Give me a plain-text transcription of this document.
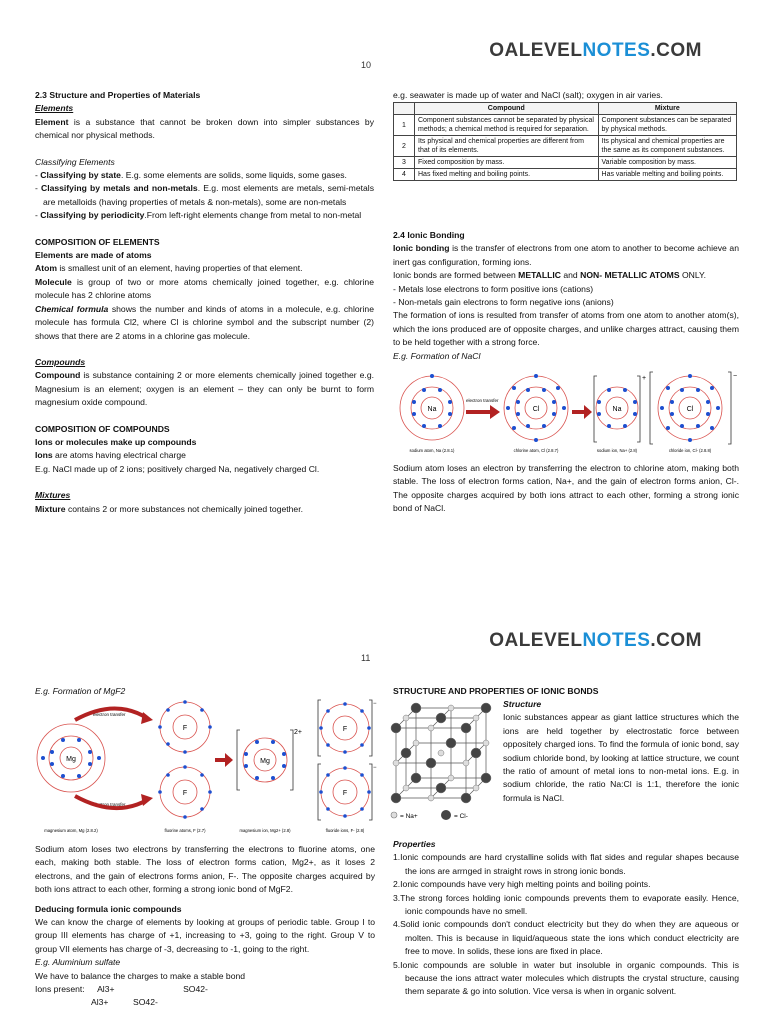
OALEVELNOTES.COM
10

2.3 Structure and Properties of Materials

Elements

Element is a substance that cannot be broken down into simpler substances by chemical nor physical methods.

Classifying Elements

- Classifying by state. E.g. some elements are solids, some liquids, some gases.

- Classifying by metals and non-metals. E.g. most elements are metals, semi-metals are metalloids (having properties of metals & non-metals), some are non-metals

- Classifying by periodicity.From left-right elements change from metal to non-metal

COMPOSITION OF ELEMENTS

Elements are made of atoms

Atom is smallest unit of an element, having properties of that element.

Molecule is group of two or more atoms chemically joined together, e.g. chlorine molecule has 2 chlorine atoms

Chemical formula shows the number and kinds of atoms in a molecule, e.g. chlorine molecule has formula Cl2, where Cl is chlorine symbol and the subscript number (2) shows that there are 2 atoms in a chlorine gas molecule.

Compounds

Compound is substance containing 2 or more elements chemically joined together e.g. Magnesium is an element; oxygen is an element – they can only be burnt to form magnesium oxide compound.

COMPOSITION OF COMPOUNDS

Ions or molecules make up compounds

Ions are atoms having electrical charge

E.g. NaCl made up of 2 ions; positively charged Na, negatively charged Cl.

Mixtures

Mixture contains 2 or more substances not chemically joined together.

e.g. seawater is made up of water and NaCl (salt); oxygen in air varies.

	Compound	Mixture
1	Component substances cannot be separated by physical methods; a chemical method is required for separation.	Component substances can be separated by physical methods.
2	Its physical and chemical properties are different from that of its elements.	Its physical and chemical properties are the same as its component substances.
3	Fixed composition by mass.	Variable composition by mass.
4	Has fixed melting and boiling points.	Has variable melting and boiling points.

2.4 Ionic Bonding

Ionic bonding is the transfer of electrons from one atom to another to become achieve an inert gas configuration, forming ions.

Ionic bonds are formed between METALLIC and NON- METALLIC ATOMS ONLY.

- Metals lose electrons to form positive ions (cations)

- Non-metals gain electrons to form negative ions (anions)

The formation of ions is resulted from transfer of atoms from one atom to another atom(s), which the ions produced are of opposite charges, and unlike charges attract, causing them to be held together with a strong force.

E.g. Formation of NaCl

Na
electron transfer
Cl
+
Na
−
Cl
sodium atom, Na (2.8.1)	chlorine atom, Cl (2.8.7)	sodium ion, Na+ (2.8)	chloride ion, Cl- (2.8.8)

Sodium atom loses an electron by transferring the electron to chlorine atom, making both stable. The loss of electron forms cation, Na+, and the gain of electron forms anion, Cl-. The opposite charges acquired by both ions attract to each other, forming a strong ionic bond of NaCl.

OALEVELNOTES.COM
11

E.g. Formation of MgF2

Mg
electron transfer
electron transfer
F
F
2+
Mg
−
F
−
F
magnesium atom, Mg (2.8.2)	fluorine atoms, F (2.7)	magnesium ion, Mg2+ (2.8)	fluoride ions, F- (2.8)

Sodium atom loses two electrons by transferring the electrons to fluorine atoms, one each, making both stable. The loss of electron forms cation, Mg2+, as it loses 2 electrons, and the gain of electrons forms anion, F-. The opposite charges acquired by both ions attract to each other, forming a strong ionic bond of MgF2.

Deducing formula ionic compounds

We can know the charge of elements by looking at groups of periodic table. Group I to group III elements has charge of +1, increasing to +3, going to the right. Group V to group VII elements has charge of -3, decreasing to -1, going to the right.

E.g. Aluminium sulfate

We have to balance the charges to make a stable bond

Ions present: Al3+	SO42-

Al3+	SO42-

STRUCTURE AND PROPERTIES OF IONIC BONDS

= Na+	= Cl-

Structure

Ionic substances appear as giant lattice structures which the ions are held together by electrostatic force between oppositely charged ions. To find the formula of ionic bond, say sodium chloride bond, by looking at lattice structure, we count the ratio of amount of metal ions to non-metal ions. E.g. in sodium chloride, the ratio Na:Cl is 1:1, therefore the ionic formula is NaCl.

Properties

1.Ionic compounds are hard crystalline solids with flat sides and regular shapes because the ions are arrnged in straight rows in strong ionic bonds.

2.Ionic compounds have very high melting points and boiling points.

3.The strong forces holding ionic compounds prevents them to evaporate easily. Hence, ionic compounds have no smell.

4.Solid ionic compounds don't conduct electricity but they do when they are aqueous or molten. This is because in liquid/aqueous state the ions which conduct electricity are free to move. In solids, these ions are fixed in place.

5.Ionic compounds are soluble in water but insoluble in organic compounds. This is because the ions attract water molecules which distrupts the crystal structure, causing them separate & go into solution. Vice versa is when in organic solvent.
